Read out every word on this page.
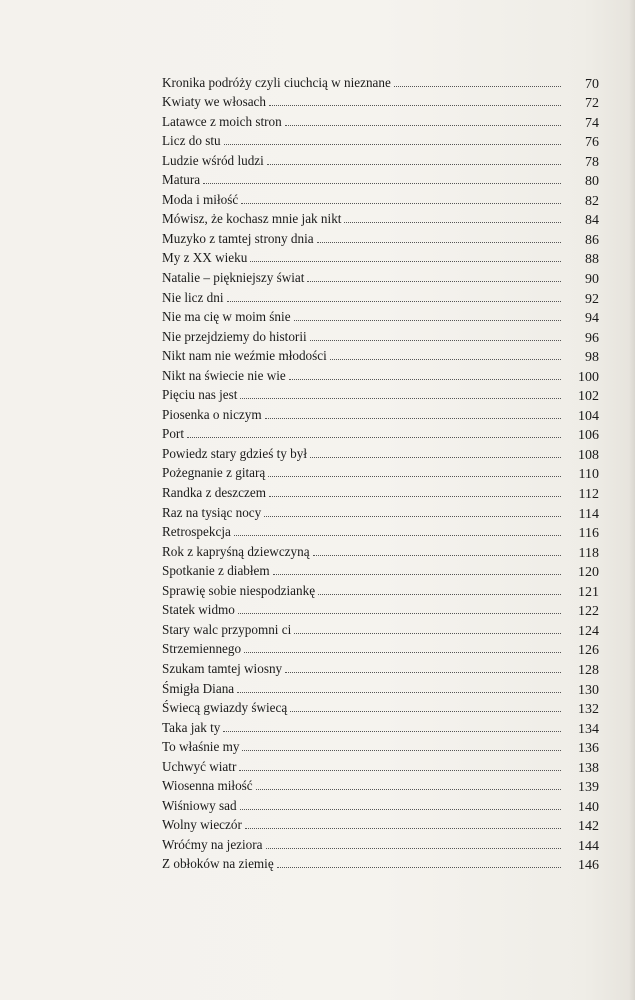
Kronika podróży czyli ciuchcią w nieznane	70
Kwiaty we włosach	72
Latawce z moich stron	74
Licz do stu	76
Ludzie wśród ludzi	78
Matura	80
Moda i miłość	82
Mówisz, że kochasz mnie jak nikt	84
Muzyko z tamtej strony dnia	86
My z XX wieku	88
Natalie – piękniejszy świat	90
Nie licz dni	92
Nie ma cię w moim śnie	94
Nie przejdziemy do historii	96
Nikt nam nie weźmie młodości	98
Nikt na świecie nie wie	100
Pięciu nas jest	102
Piosenka o niczym	104
Port	106
Powiedz stary gdzieś ty był	108
Pożegnanie z gitarą	110
Randka z deszczem	112
Raz na tysiąc nocy	114
Retrospekcja	116
Rok z kapryśną dziewczyną	118
Spotkanie z diabłem	120
Sprawię sobie niespodziankę	121
Statek widmo	122
Stary walc przypomni ci	124
Strzemiennego	126
Szukam tamtej wiosny	128
Śmigła Diana	130
Świecą gwiazdy świecą	132
Taka jak ty	134
To właśnie my	136
Uchwyć wiatr	138
Wiosenna miłość	139
Wiśniowy sad	140
Wolny wieczór	142
Wróćmy na jeziora	144
Z obłoków na ziemię	146
